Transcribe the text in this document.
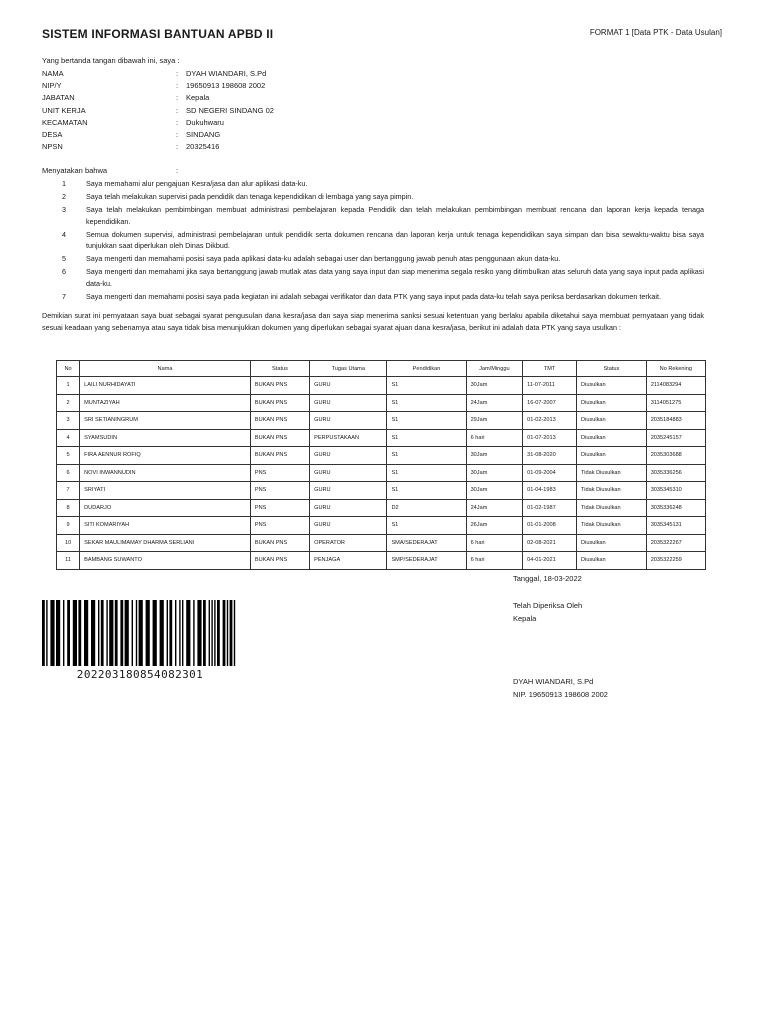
SISTEM INFORMASI BANTUAN APBD II	FORMAT 1 [Data PTK - Data Usulan]
Yang bertanda tangan dibawah ini, saya :
NAMA	:	DYAH WIANDARI, S.Pd
NIP/Y	:	19650913 198608 2002
JABATAN	:	Kepala
UNIT KERJA	:	SD NEGERI SINDANG 02
KECAMATAN	:	Dukuhwaru
DESA	:	SINDANG
NPSN	:	20325416
Menyatakan bahwa	:
1	Saya memahami alur pengajuan Kesra/jasa dan alur aplikasi data-ku.
2	Saya telah melakukan supervisi pada pendidik dan tenaga kependidikan di lembaga yang saya pimpin.
3	Saya telah melakukan pembimbingan membuat administrasi pembelajaran kepada Pendidik dan telah melakukan pembimbingan membuat rencana dan laporan kerja kepada tenaga kependidikan.
4	Semua dokumen supervisi, administrasi pembelajaran untuk pendidik serta dokumen rencana dan laporan kerja untuk tenaga kependidikan saya simpan dan bisa sewaktu-waktu bisa saya tunjukkan saat diperlukan oleh Dinas Dikbud.
5	Saya mengerti dan memahami posisi saya pada aplikasi data-ku adalah sebagai user dan bertanggung jawab penuh atas penggunaan akun data-ku.
6	Saya mengerti dan memahami jika saya bertanggung jawab mutlak atas data yang saya input dan siap menerima segala resiko yang ditimbulkan atas seluruh data yang saya input pada aplikasi data-ku.
7	Saya mengerti dan memahami posisi saya pada kegiatan ini adalah sebagai verifikator dan data PTK yang saya input pada data-ku telah saya periksa berdasarkan dokumen terkait.
Demikian surat ini pernyataan saya buat sebagai syarat pengusulan dana kesra/jasa dan saya siap menerima sanksi sesuai ketentuan yang berlaku apabila diketahui saya membuat pernyataan yang tidak sesuai keadaan yang sebenarnya atau saya tidak bisa menunjukkan dokumen yang diperlukan sebagai syarat ajuan dana kesra/jasa, berikut ini adalah data PTK yang saya usulkan :
No	Nama	Status	Tugas Utama	Pendidikan	Jam/Minggu	TMT	Status	No Rekening
1	LAILI NURHIDAYATI	BUKAN PNS	GURU	S1	30Jam	11-07-2011	Diusulkan	2114083294
2	MUNTAZIYAH	BUKAN PNS	GURU	S1	24Jam	16-07-2007	Diusulkan	3114051275
3	SRI SETIANINGRUM	BUKAN PNS	GURU	S1	29Jam	01-02-2013	Diusulkan	2035184883
4	SYAMSUDIN	BUKAN PNS	PERPUSTAKAAN	S1	6 hari	01-07-2013	Diusulkan	2035245157
5	FIRA AENNUR ROFIQ	BUKAN PNS	GURU	S1	30Jam	31-08-2020	Diusulkan	2035303688
6	NOVI INWANNUDIN	PNS	GURU	S1	30Jam	01-09-2004	Tidak Diusulkan	3035336256
7	SRIYATI	PNS	GURU	S1	30Jam	01-04-1983	Tidak Diusulkan	3035345310
8	DUDARJO	PNS	GURU	D2	24Jam	01-02-1987	Tidak Diusulkan	3035336248
9	SITI KOMARIYAH	PNS	GURU	S1	26Jam	01-01-2008	Tidak Diusulkan	3035345131
10	SEKAR MAULIMAMAY DHARMA SERLIANI	BUKAN PNS	OPERATOR	SMA/SEDERAJAT	6 hari	02-08-2021	Diusulkan	2035322267
11	BAMBANG SUWANTO	BUKAN PNS	PENJAGA	SMP/SEDERAJAT	6 hari	04-01-2021	Diusulkan	2035322259
Tanggal, 18-03-2022
Telah Diperiksa Oleh
Kepala
DYAH WIANDARI, S.Pd
NIP. 19650913 198608 2002
202203180854082301
